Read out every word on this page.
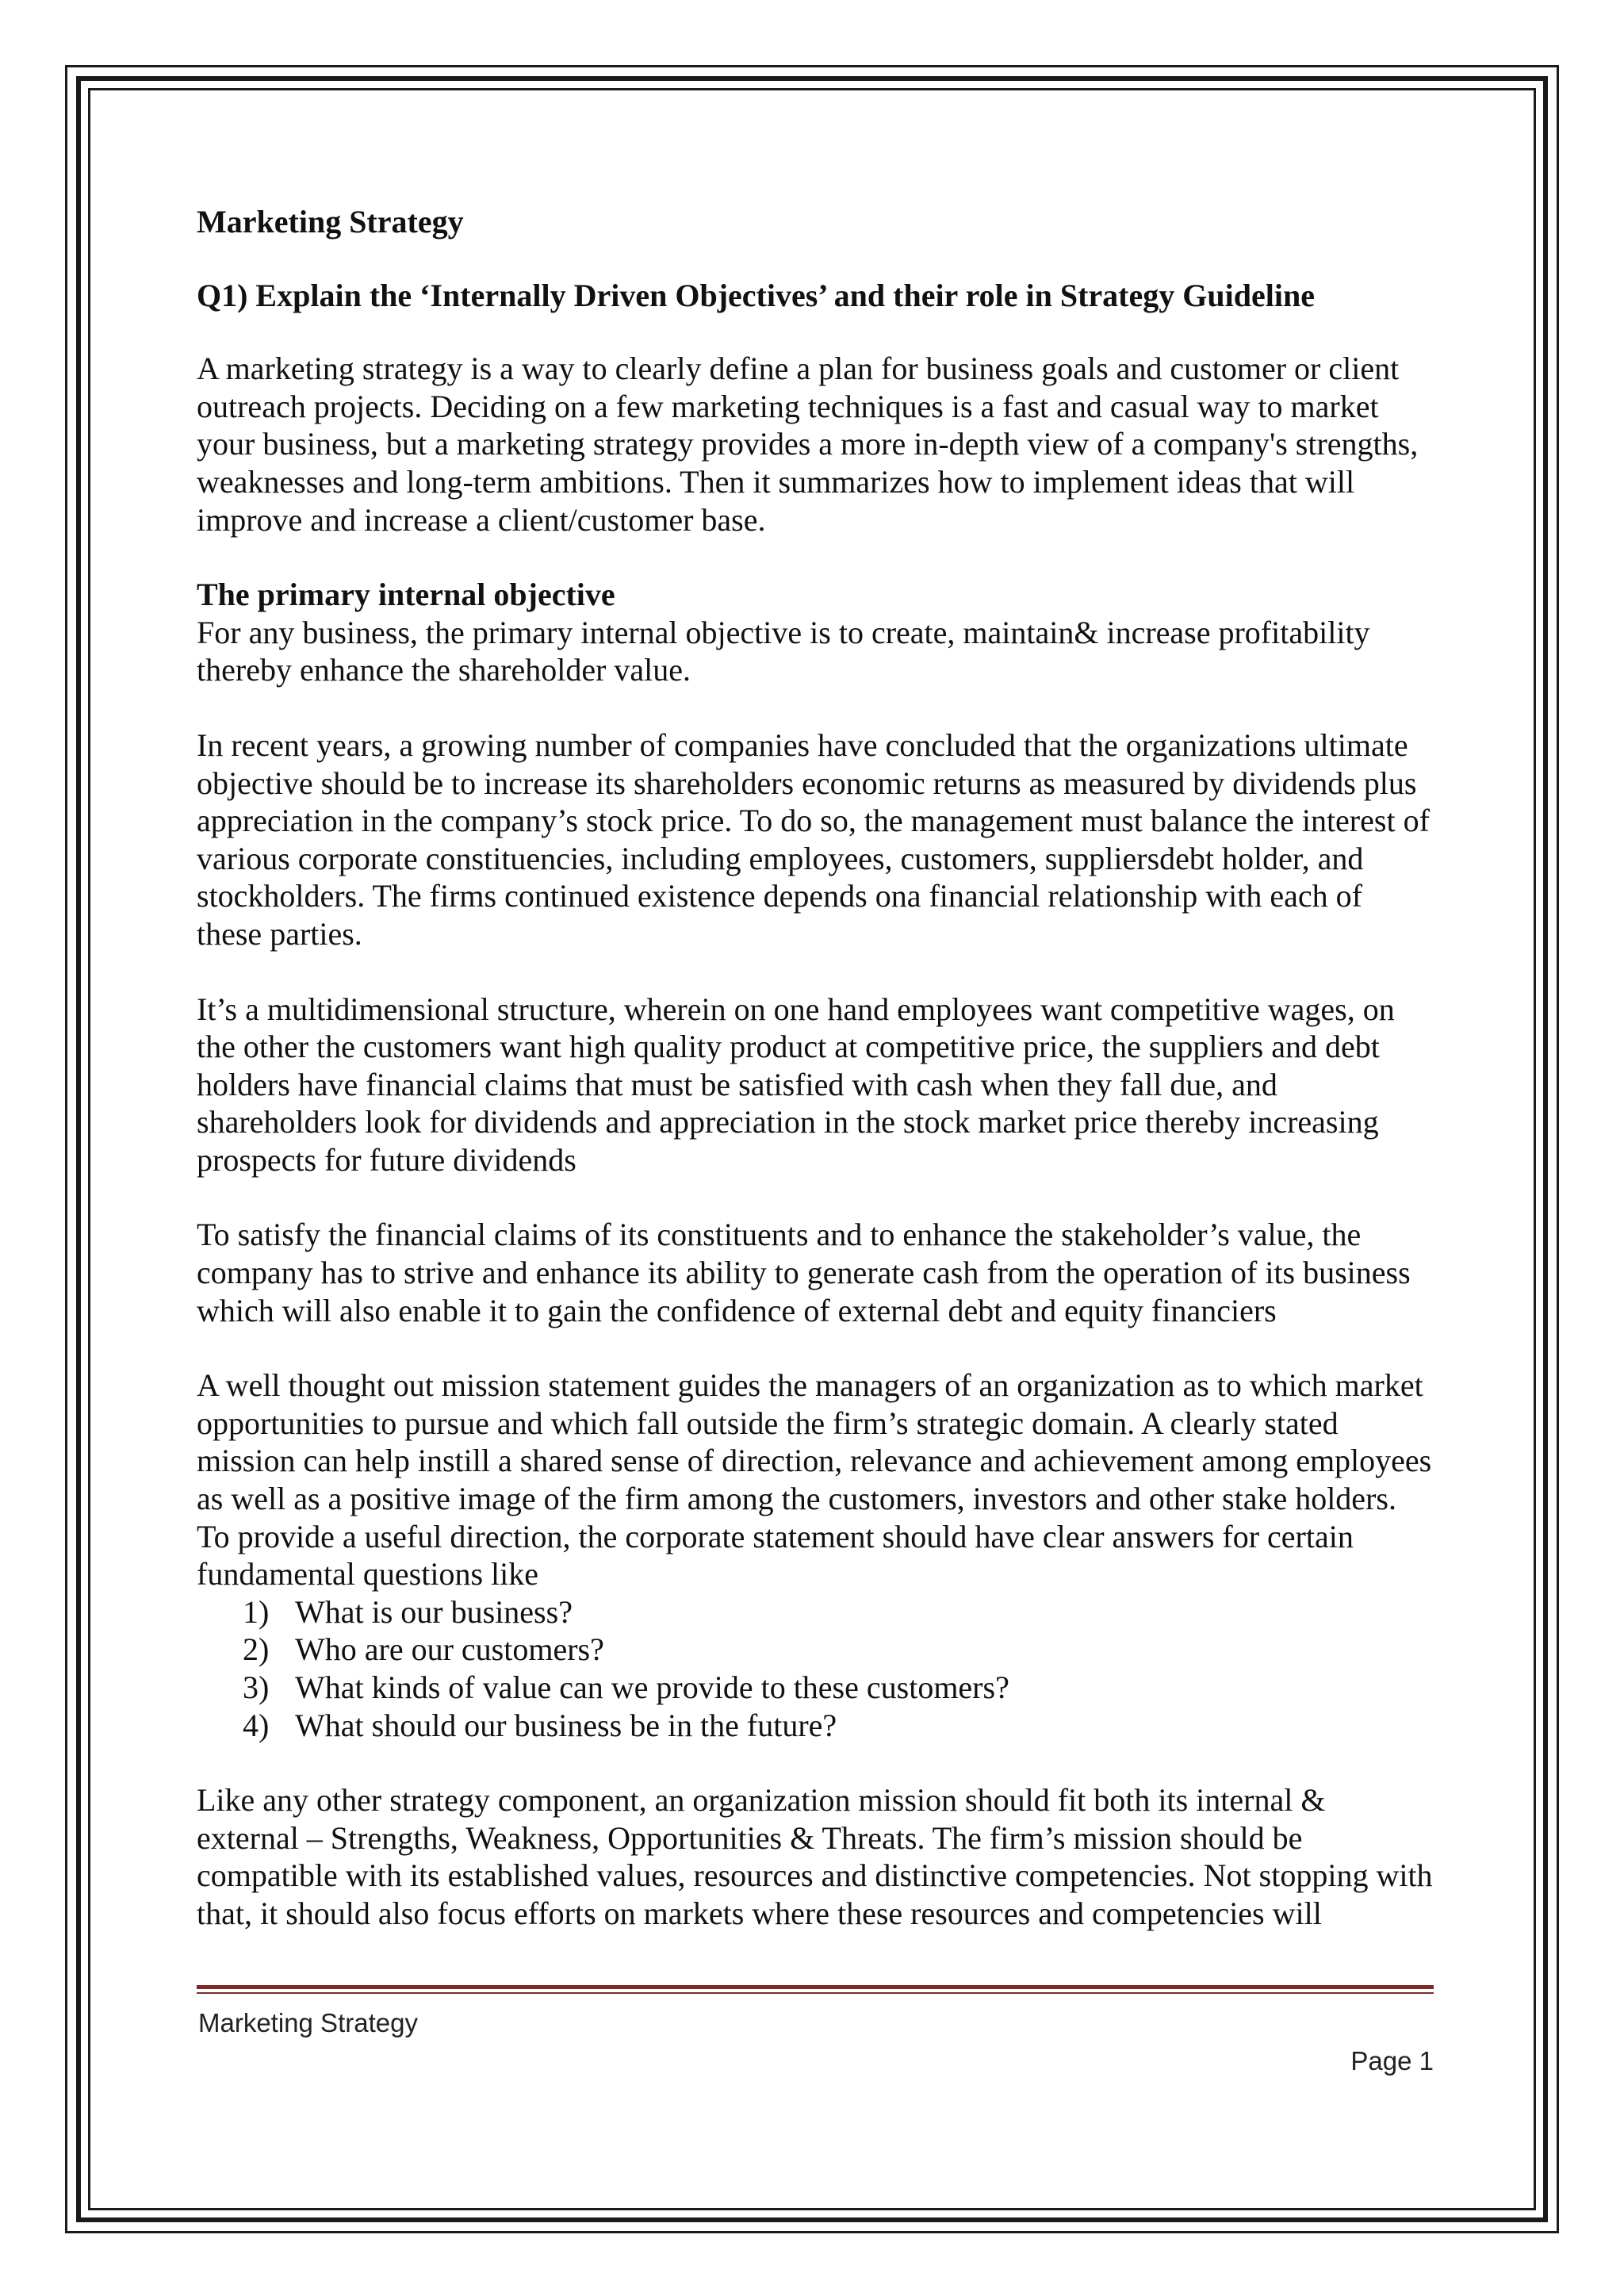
Marketing Strategy

Q1) Explain the ‘Internally Driven Objectives’ and their role in Strategy Guideline

A marketing strategy is a way to clearly define a plan for business goals and customer or client outreach projects. Deciding on a few marketing techniques is a fast and casual way to market your business, but a marketing strategy provides a more in-depth view of a company's strengths, weaknesses and long-term ambitions. Then it summarizes how to implement ideas that will improve and increase a client/customer base.

The primary internal objective

For any business, the primary internal objective is to create, maintain& increase profitability thereby enhance the shareholder value.

In recent years, a growing number of companies have concluded that the organizations ultimate objective should be to increase its shareholders economic returns as measured by dividends plus appreciation in the company’s stock price. To do so, the management must balance the interest of various corporate constituencies, including employees, customers, suppliersdebt holder, and stockholders. The firms continued existence depends ona financial relationship with each of these parties.

It’s a multidimensional structure, wherein on one hand employees want competitive wages, on the other the customers want high quality product at competitive price, the suppliers and debt holders have financial claims that must be satisfied with cash when they fall due, and shareholders look for dividends and appreciation in the stock market price thereby increasing prospects for future dividends

To satisfy the financial claims of its constituents and to enhance the stakeholder’s value, the company has to strive and enhance its ability to generate cash from the operation of its business which will also enable it to gain the confidence of external debt and equity financiers

A well thought out mission statement guides the managers of an organization as to which market opportunities to pursue and which fall outside the firm’s strategic domain. A clearly stated mission can help instill a shared sense of direction, relevance and achievement among employees as well as a positive image of the firm among the customers, investors and other stake holders. To provide a useful direction, the corporate statement should have clear answers for certain fundamental questions like

1) What is our business?
2) Who are our customers?
3) What kinds of value can we provide to these customers?
4) What should our business be in the future?

Like any other strategy component, an organization mission should fit both its internal & external – Strengths, Weakness, Opportunities & Threats. The firm’s mission should be compatible with its established values, resources and distinctive competencies. Not stopping with that, it should also focus efforts on markets where these resources and competencies will

Marketing Strategy
Page 1
